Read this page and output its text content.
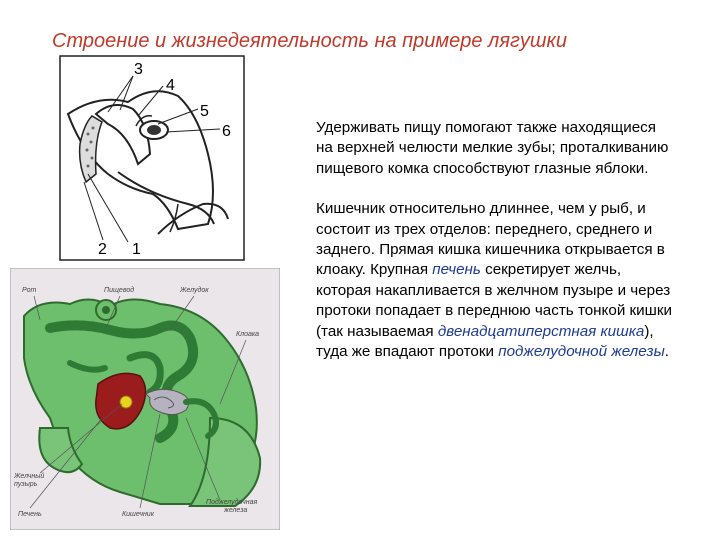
Строение и жизнедеятельность на примере лягушки
3
4
5
6
2 1
Рот	Пищевод	Желудок
Клоака
Желчный
пузырь
Печень	Кишечник
Поджелудочная
железа

Удерживать пищу помогают также находящиеся на верхней челюсти мелкие зубы; проталкиванию пищевого комка способствуют глазные яблоки.

Кишечник относительно длиннее, чем у рыб, и состоит из трех отделов: переднего, среднего и заднего. Прямая кишка кишечника открывается в клоаку. Крупная печень секретирует желчь, которая накапливается в желчном пузыре и через протоки попадает в переднюю часть тонкой кишки (так называемая двенадцатиперстная кишка), туда же впадают протоки поджелудочной железы.
